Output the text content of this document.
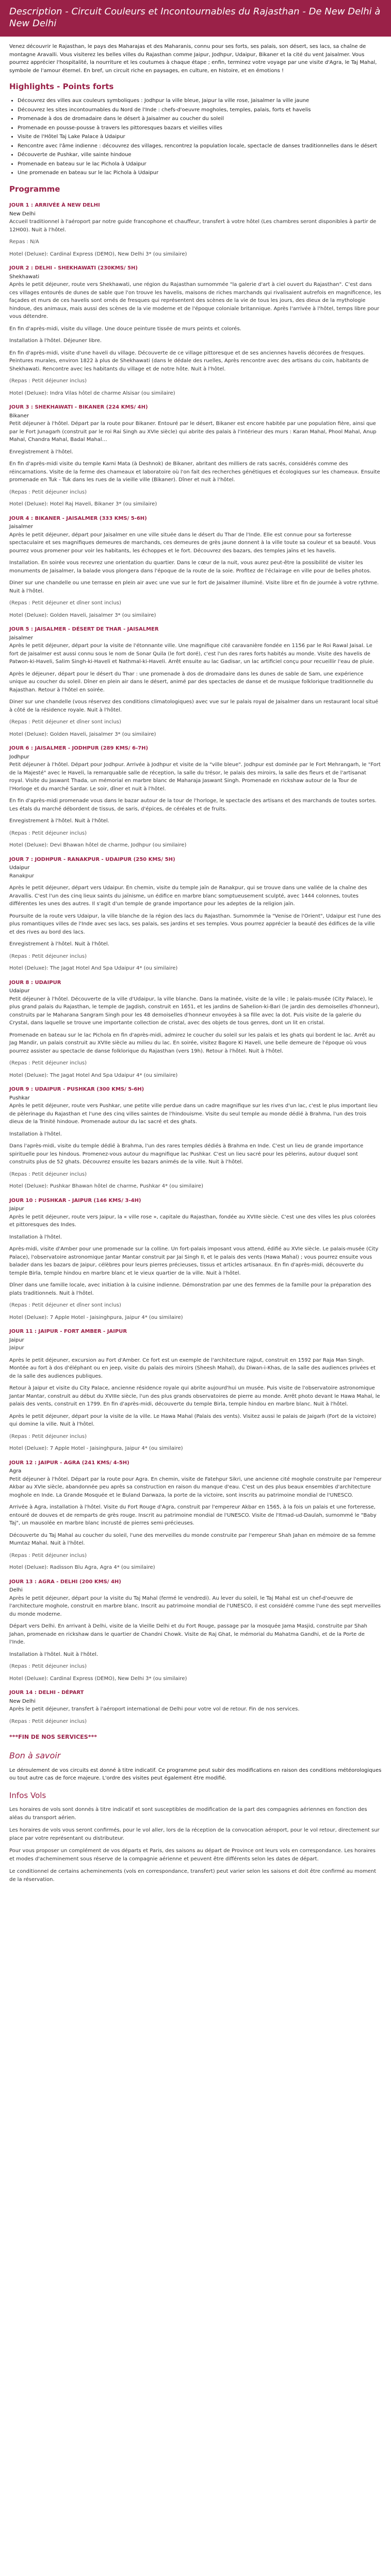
Description - Circuit Couleurs et Incontournables du Rajasthan - De New Delhi à New Delhi

Venez découvrir le Rajasthan, le pays des Maharajas et des Maharanis, connu pour ses forts, ses palais, son désert, ses lacs, sa chaîne de montagne Aravalli. Vous visiterez les belles villes du Rajasthan comme Jaipur, Jodhpur, Udaipur, Bikaner et la cité du vent Jaisalmer. Vous pourrez apprécier l'hospitalité, la nourriture et les coutumes à chaque étape ; enfin, terminez votre voyage par une visite d'Agra, le Taj Mahal, symbole de l'amour éternel. En bref, un circuit riche en paysages, en culture, en histoire, et en émotions !

Highlights - Points forts
• Découvrez des villes aux couleurs symboliques : Jodhpur la ville bleue, Jaipur la ville rose, Jaisalmer la ville jaune
• Découvrez les sites incontournables du Nord de l'Inde : chefs-d'oeuvre mogholes, temples, palais, forts et havelis
• Promenade à dos de dromadaire dans le désert à Jaisalmer au coucher du soleil
• Promenade en pousse-pousse à travers les pittoresques bazars et vieilles villes
• Visite de l'Hôtel Taj Lake Palace à Udaipur
• Rencontre avec l'âme indienne : découvrez des villages, rencontrez la population locale, spectacle de danses traditionnelles dans le désert
• Découverte de Pushkar, ville sainte hindoue
• Promenade en bateau sur le lac Pichola à Udaipur
• Une promenade en bateau sur le lac Pichola à Udaipur
Programme
JOUR 1 : ARRIVÉE À NEW DELHI

New Delhi

Accueil traditionnel à l'aéroport par notre guide francophone et chauffeur, transfert à votre hôtel (Les chambres seront disponibles à partir de 12H00). Nuit à l'hôtel.

Repas : N/A

Hotel (Deluxe): Cardinal Express (DEMO), New Delhi 3* (ou similaire)

JOUR 2 : DELHI - SHEKHAWATI (230KMS/ 5H)

Shekhawati

Après le petit déjeuner, route vers Shekhawati, une région du Rajasthan surnommée "la galerie d'art à ciel ouvert du Rajasthan". C'est dans ces villages entourés de dunes de sable que l'on trouve les havelis, maisons de riches marchands qui rivalisaient autrefois en magnificence, les façades et murs de ces havelis sont ornés de fresques qui représentent des scènes de la vie de tous les jours, des dieux de la mythologie hindoue, des animaux, mais aussi des scènes de la vie moderne et de l'époque coloniale britannique. Après l'arrivée à l'hôtel, temps libre pour vous détendre.

En fin d'après-midi, visite du village. Une douce peinture tissée de murs peints et colorés.

Installation à l'hôtel. Déjeuner libre.

En fin d'après-midi, visite d'une haveli du village. Découverte de ce village pittoresque et de ses anciennes havelis décorées de fresques. Peintures murales, environ 1822 à plus de Shekhawati (dans le dédale des ruelles, Après rencontre avec des artisans du coin, habitants de Shekhawati. Rencontre avec les habitants du village et de notre hôte. Nuit à l'hôtel.

(Repas : Petit déjeuner inclus)

Hotel (Deluxe): Indra Vilas hôtel de charme Alsisar (ou similaire)

JOUR 3 : SHEKHAWATI - BIKANER (224 KMS/ 4H)

Bikaner

Petit déjeuner à l'hôtel. Départ par la route pour Bikaner. Entouré par le désert, Bikaner est encore habitée par une population fière, ainsi que par le Fort Junagarh (construit par le roi Rai Singh au XVIe siècle) qui abrite des palais à l'intérieur des murs : Karan Mahal, Phool Mahal, Anup Mahal, Chandra Mahal, Badal Mahal…

Enregistrement à l'hôtel.

En fin d'après-midi visite du temple Karni Mata (à Deshnok) de Bikaner, abritant des milliers de rats sacrés, considérés comme des réincarnations. Visite de la ferme des chameaux et laboratoire où l'on fait des recherches génétiques et écologiques sur les chameaux. Ensuite promenade en Tuk - Tuk dans les rues de la vieille ville (Bikaner). Dîner et nuit à l'hôtel.

(Repas : Petit déjeuner inclus)

Hotel (Deluxe): Hotel Raj Haveli, Bikaner 3* (ou similaire)

JOUR 4 : BIKANER - JAISALMER (333 KMS/ 5-6H)

Jaisalmer

Après le petit déjeuner, départ pour Jaisalmer en une ville située dans le désert du Thar de l'Inde. Elle est connue pour sa forteresse spectaculaire et ses magnifiques demeures de marchands, ces demeures de grès jaune donnent à la ville toute sa couleur et sa beauté. Vous pourrez vous promener pour voir les habitants, les échoppes et le fort. Découvrez des bazars, des temples jaïns et les havelis.

Installation. En soirée vous recevrez une orientation du quartier. Dans le cœur de la nuit, vous aurez peut-être la possibilité de visiter les monuments de Jaisalmer, la balade vous plongera dans l'époque de la route de la soie. Profitez de l'éclairage en ville pour de belles photos.

Diner sur une chandelle ou une terrasse en plein air avec une vue sur le fort de Jaisalmer illuminé. Visite libre et fin de journée à votre rythme. Nuit à l'hôtel.

(Repas : Petit déjeuner et dîner sont inclus)

Hotel (Deluxe): Golden Haveli, Jaisalmer 3* (ou similaire)

JOUR 5 : JAISALMER - DÉSERT DE THAR - JAISALMER

Jaisalmer

Après le petit déjeuner, départ pour la visite de l'étonnante ville. Une magnifique cité caravanière fondée en 1156 par le Roi Rawal Jaisal. Le fort de Jaisalmer est aussi connu sous le nom de Sonar Quila (le fort doré), c'est l'un des rares forts habités au monde. Visite des havelis de Patwon-ki-Haveli, Salim Singh-ki-Haveli et Nathmal-ki-Haveli. Arrêt ensuite au lac Gadisar, un lac artificiel conçu pour recueillir l'eau de pluie.

Après le déjeuner, départ pour le désert du Thar : une promenade à dos de dromadaire dans les dunes de sable de Sam, une expérience unique au coucher du soleil. Dîner en plein air dans le désert, animé par des spectacles de danse et de musique folklorique traditionnelle du Rajasthan. Retour à l'hôtel en soirée.

Diner sur une chandelle (vous réservez des conditions climatologiques) avec vue sur le palais royal de Jaisalmer dans un restaurant local situé à côté de la résidence royale. Nuit à l'hôtel.

(Repas : Petit déjeuner et dîner sont inclus)

Hotel (Deluxe): Golden Haveli, Jaisalmer 3* (ou similaire)

JOUR 6 : JAISALMER - JODHPUR (289 KMS/ 6-7H)

Jodhpur

Petit déjeuner à l'hôtel. Départ pour Jodhpur. Arrivée à Jodhpur et visite de la "ville bleue". Jodhpur est dominée par le Fort Mehrangarh, le "Fort de la Majesté" avec le Haveli, la remarquable salle de réception, la salle du trésor, le palais des miroirs, la salle des fleurs et de l'artisanat royal. Visite du Jaswant Thada, un mémorial en marbre blanc de Maharaja Jaswant Singh. Promenade en rickshaw autour de la Tour de l'Horloge et du marché Sardar. Le soir, dîner et nuit à l'hôtel.

En fin d'après-midi promenade vous dans le bazar autour de la tour de l'horloge, le spectacle des artisans et des marchands de toutes sortes. Les étals du marché débordent de tissus, de saris, d'épices, de céréales et de fruits.

Enregistrement à l'hôtel. Nuit à l'hôtel.

(Repas : Petit déjeuner inclus)

Hotel (Deluxe): Devi Bhawan hôtel de charme, Jodhpur (ou similaire)

JOUR 7 : JODHPUR - RANAKPUR - UDAIPUR (250 KMS/ 5H)

Udaipur

Ranakpur

Après le petit déjeuner, départ vers Udaipur. En chemin, visite du temple jaïn de Ranakpur, qui se trouve dans une vallée de la chaîne des Aravallis. C'est l'un des cinq lieux saints du jaïnisme, un édifice en marbre blanc somptueusement sculpté, avec 1444 colonnes, toutes différentes les unes des autres. Il s'agit d'un temple de grande importance pour les adeptes de la religion jaïn.

Poursuite de la route vers Udaipur, la ville blanche de la région des lacs du Rajasthan. Surnommée la "Venise de l'Orient", Udaipur est l'une des plus romantiques villes de l'Inde avec ses lacs, ses palais, ses jardins et ses temples. Vous pourrez apprécier la beauté des édifices de la ville et des rives au bord des lacs.

Enregistrement à l'hôtel. Nuit à l'hôtel.

(Repas : Petit déjeuner inclus)

Hotel (Deluxe): The Jagat Hotel And Spa Udaipur 4* (ou similaire)

JOUR 8 : UDAIPUR

Udaipur

Petit déjeuner à l'hôtel. Découverte de la ville d'Udaipur, la ville blanche. Dans la matinée, visite de la ville ; le palais-musée (City Palace), le plus grand palais du Rajasthan, le temple de Jagdish, construit en 1651, et les jardins de Sahelion-ki-Bari (le jardin des demoiselles d'honneur), construits par le Maharana Sangram Singh pour les 48 demoiselles d'honneur envoyées à sa fille avec la dot. Puis visite de la galerie du Crystal, dans laquelle se trouve une importante collection de cristal, avec des objets de tous genres, dont un lit en cristal.

Promenade en bateau sur le lac Pichola en fin d'après-midi, admirez le coucher du soleil sur les palais et les ghats qui bordent le lac. Arrêt au Jag Mandir, un palais construit au XVIIe siècle au milieu du lac. En soirée, visitez Bagore Ki Haveli, une belle demeure de l'époque où vous pourrez assister au spectacle de danse folklorique du Rajasthan (vers 19h). Retour à l'hôtel. Nuit à l'hôtel.

(Repas : Petit déjeuner inclus)

Hotel (Deluxe): The Jagat Hotel And Spa Udaipur 4* (ou similaire)

JOUR 9 : UDAIPUR - PUSHKAR (300 KMS/ 5-6H)

Pushkar

Après le petit déjeuner, route vers Pushkar, une petite ville perdue dans un cadre magnifique sur les rives d'un lac, c'est le plus important lieu de pèlerinage du Rajasthan et l'une des cinq villes saintes de l'hindouisme. Visite du seul temple au monde dédié à Brahma, l'un des trois dieux de la Trinité hindoue. Promenade autour du lac sacré et des ghats.

Installation à l'hôtel.

Dans l'après-midi, visite du temple dédié à Brahma, l'un des rares temples dédiés à Brahma en Inde. C'est un lieu de grande importance spirituelle pour les hindous. Promenez-vous autour du magnifique lac Pushkar. C'est un lieu sacré pour les pèlerins, autour duquel sont construits plus de 52 ghats. Découvrez ensuite les bazars animés de la ville. Nuit à l'hôtel.

(Repas : Petit déjeuner inclus)

Hotel (Deluxe): Pushkar Bhawan hôtel de charme, Pushkar 4* (ou similaire)

JOUR 10 : PUSHKAR - JAIPUR (146 KMS/ 3-4H)

Jaipur

Après le petit déjeuner, route vers Jaipur, la « ville rose », capitale du Rajasthan, fondée au XVIIIe siècle. C'est une des villes les plus colorées et pittoresques des Indes.

Installation à l'hôtel.

Après-midi, visite d'Amber pour une promenade sur la colline. Un fort-palais imposant vous attend, édifié au XVIe siècle. Le palais-musée (City Palace), l'observatoire astronomique Jantar Mantar construit par Jai Singh II, et le palais des vents (Hawa Mahal) ; vous pourrez ensuite vous balader dans les bazars de Jaipur, célèbres pour leurs pierres précieuses, tissus et articles artisanaux. En fin d'après-midi, découverte du temple Birla, temple hindou en marbre blanc et le vieux quartier de la ville. Nuit à l'hôtel.

Dîner dans une famille locale, avec initiation à la cuisine indienne. Démonstration par une des femmes de la famille pour la préparation des plats traditionnels. Nuit à l'hôtel.

(Repas : Petit déjeuner et dîner sont inclus)

Hotel (Deluxe): 7 Apple Hotel - Jaisinghpura, Jaipur 4* (ou similaire)

JOUR 11 : JAIPUR - FORT AMBER - JAIPUR

Jaipur

Jaipur

Après le petit déjeuner, excursion au Fort d'Amber. Ce fort est un exemple de l'architecture rajput, construit en 1592 par Raja Man Singh. Montée au fort à dos d'éléphant ou en jeep, visite du palais des miroirs (Sheesh Mahal), du Diwan-i-Khas, de la salle des audiences privées et de la salle des audiences publiques.

Retour à Jaipur et visite du City Palace, ancienne résidence royale qui abrite aujourd'hui un musée. Puis visite de l'observatoire astronomique Jantar Mantar, construit au début du XVIIIe siècle, l'un des plus grands observatoires de pierre au monde. Arrêt photo devant le Hawa Mahal, le palais des vents, construit en 1799. En fin d'après-midi, découverte du temple Birla, temple hindou en marbre blanc. Nuit à l'hôtel.

Après le petit déjeuner, départ pour la visite de la ville. Le Hawa Mahal (Palais des vents). Visitez aussi le palais de Jaigarh (Fort de la victoire) qui domine la ville. Nuit à l'hôtel.

(Repas : Petit déjeuner inclus)

Hotel (Deluxe): 7 Apple Hotel - Jaisinghpura, Jaipur 4* (ou similaire)

JOUR 12 : JAIPUR - AGRA (241 KMS/ 4-5H)

Agra

Petit déjeuner à l'hôtel. Départ par la route pour Agra. En chemin, visite de Fatehpur Sikri, une ancienne cité moghole construite par l'empereur Akbar au XVIe siècle, abandonnée peu après sa construction en raison du manque d'eau. C'est un des plus beaux ensembles d'architecture moghole en Inde. La Grande Mosquée et le Buland Darwaza, la porte de la victoire, sont inscrits au patrimoine mondial de l'UNESCO.

Arrivée à Agra, installation à l'hôtel. Visite du Fort Rouge d'Agra, construit par l'empereur Akbar en 1565, à la fois un palais et une forteresse, entouré de douves et de remparts de grès rouge. Inscrit au patrimoine mondial de l'UNESCO. Visite de l'Itmad-ud-Daulah, surnommé le "Baby Taj", un mausolée en marbre blanc incrusté de pierres semi-précieuses.

Découverte du Taj Mahal au coucher du soleil, l'une des merveilles du monde construite par l'empereur Shah Jahan en mémoire de sa femme Mumtaz Mahal. Nuit à l'hôtel.

(Repas : Petit déjeuner inclus)

Hotel (Deluxe): Radisson Blu Agra, Agra 4* (ou similaire)

JOUR 13 : AGRA - DELHI (200 KMS/ 4H)

Delhi

Après le petit déjeuner, départ pour la visite du Taj Mahal (fermé le vendredi). Au lever du soleil, le Taj Mahal est un chef-d'oeuvre de l'architecture moghole, construit en marbre blanc. Inscrit au patrimoine mondial de l'UNESCO, il est considéré comme l'une des sept merveilles du monde moderne.

Départ vers Delhi. En arrivant à Delhi, visite de la Vieille Delhi et du Fort Rouge, passage par la mosquée Jama Masjid, construite par Shah Jahan, promenade en rickshaw dans le quartier de Chandni Chowk. Visite de Raj Ghat, le mémorial du Mahatma Gandhi, et de la Porte de l'Inde.

Installation à l'hôtel. Nuit à l'hôtel.

(Repas : Petit déjeuner inclus)

Hotel (Deluxe): Cardinal Express (DEMO), New Delhi 3* (ou similaire)

JOUR 14 : DELHI - DÉPART

New Delhi

Après le petit déjeuner, transfert à l'aéroport international de Delhi pour votre vol de retour. Fin de nos services.

(Repas : Petit déjeuner inclus)

***FIN DE NOS SERVICES***
Bon à savoir

Le déroulement de vos circuits est donné à titre indicatif. Ce programme peut subir des modifications en raison des conditions météorologiques ou tout autre cas de force majeure. L'ordre des visites peut également être modifié.

Infos Vols

Les horaires de vols sont donnés à titre indicatif et sont susceptibles de modification de la part des compagnies aériennes en fonction des aléas du transport aérien.

Les horaires de vols vous seront confirmés, pour le vol aller, lors de la réception de la convocation aéroport, pour le vol retour, directement sur place par votre représentant ou distributeur.

Pour vous proposer un complément de vos départs et Paris, des saisons au départ de Province ont leurs vols en correspondance. Les horaires et modes d'acheminement sous réserve de la compagnie aérienne et peuvent être différents selon les dates de départ.

Le conditionnel de certains acheminements (vols en correspondance, transfert) peut varier selon les saisons et doit être confirmé au moment de la réservation.
